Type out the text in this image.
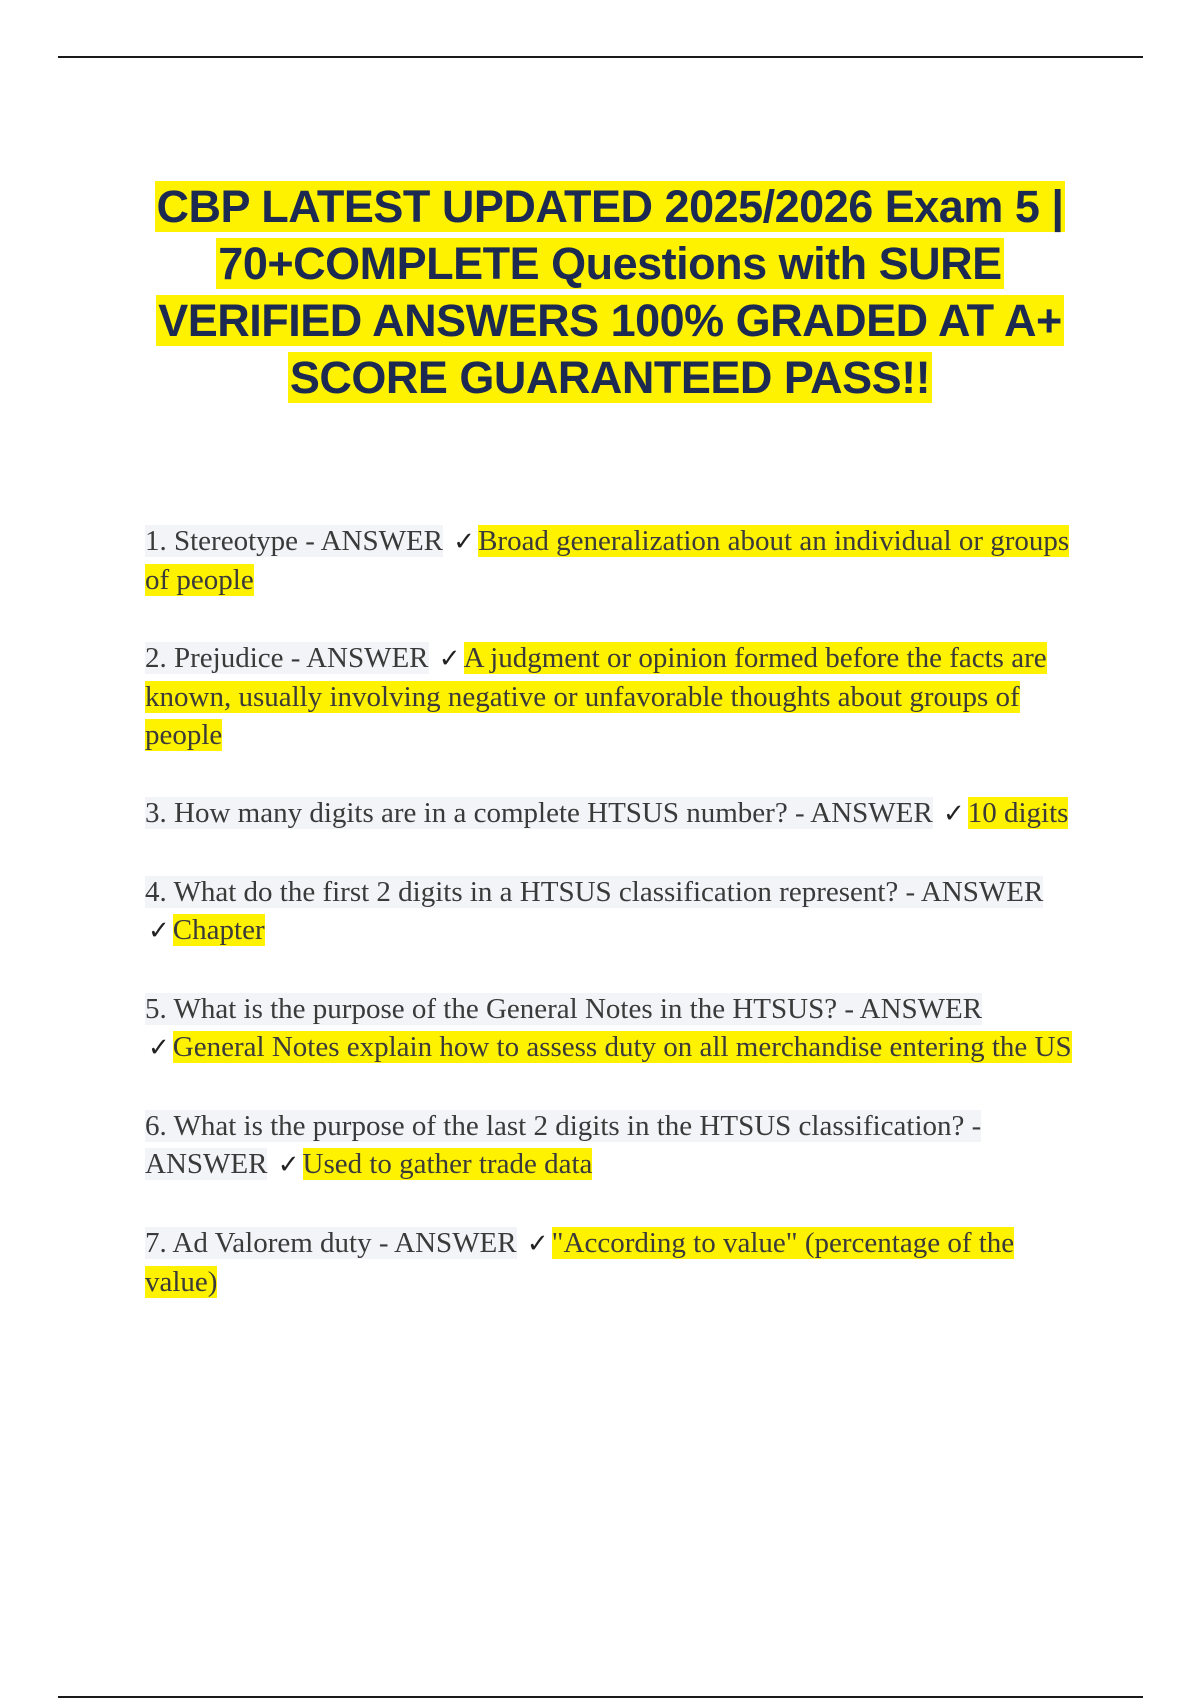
CBP LATEST UPDATED 2025/2026 Exam 5 | 70+COMPLETE Questions with SURE VERIFIED ANSWERS 100% GRADED AT A+ SCORE GUARANTEED PASS!!
1. Stereotype - ANSWER ✓ Broad generalization about an individual or groups of people
2. Prejudice - ANSWER ✓ A judgment or opinion formed before the facts are known, usually involving negative or unfavorable thoughts about groups of people
3. How many digits are in a complete HTSUS number? - ANSWER ✓ 10 digits
4. What do the first 2 digits in a HTSUS classification represent? - ANSWER ✓ Chapter
5. What is the purpose of the General Notes in the HTSUS? - ANSWER ✓ General Notes explain how to assess duty on all merchandise entering the US
6. What is the purpose of the last 2 digits in the HTSUS classification? - ANSWER ✓ Used to gather trade data
7. Ad Valorem duty - ANSWER ✓ "According to value" (percentage of the value)
